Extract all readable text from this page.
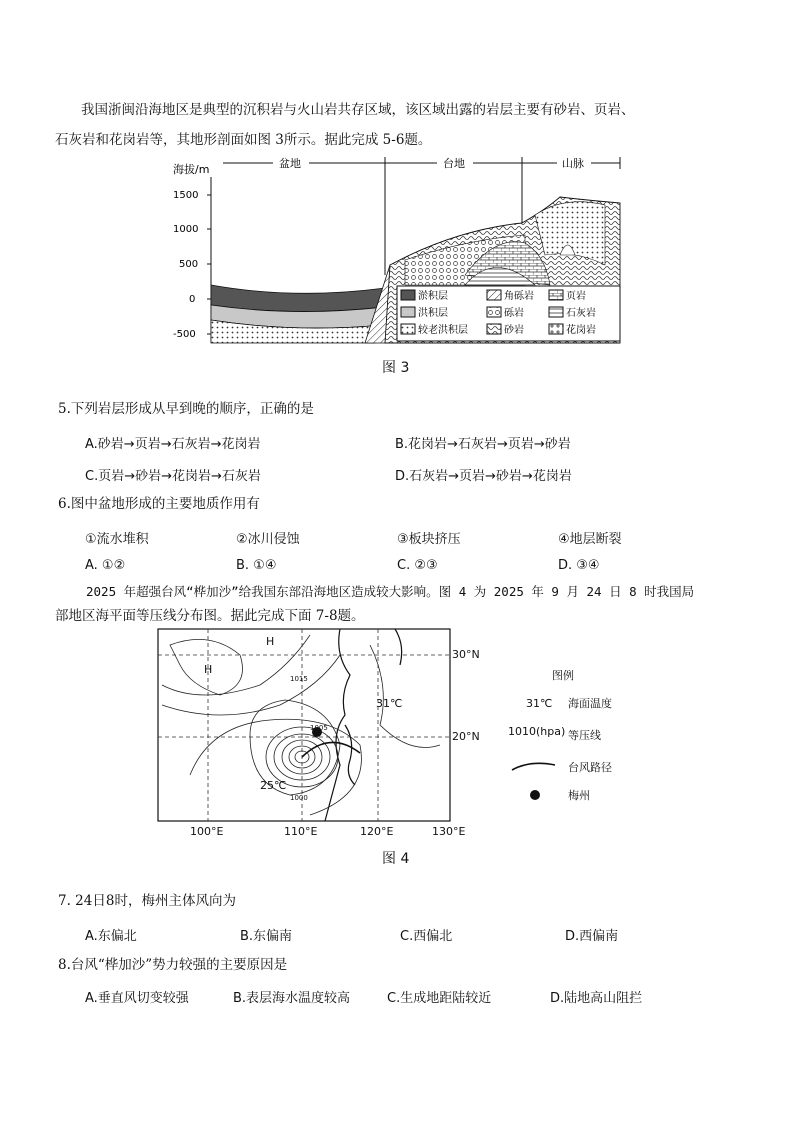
我国浙闽沿海地区是典型的沉积岩与火山岩共存区域，该区域出露的岩层主要有砂岩、页岩、
石灰岩和花岗岩等，其地形剖面如图 3所示。据此完成 5-6题。
海拔/m	盆地	台地	山脉
1500
1000
500
0
-500
淤积层	角砾岩	页岩
洪积层	砾岩	石灰岩
较老洪积层	砂岩	花岗岩
图 3
5.下列岩层形成从早到晚的顺序，正确的是
A.砂岩→页岩→石灰岩→花岗岩	B.花岗岩→石灰岩→页岩→砂岩
C.页岩→砂岩→花岗岩→石灰岩	D.石灰岩→页岩→砂岩→花岗岩
6.图中盆地形成的主要地质作用有
①流水堆积	②冰川侵蚀	③板块挤压	④地层断裂
A. ①②	B. ①④	C. ②③	D. ③④
2025 年超强台风“桦加沙”给我国东部沿海地区造成较大影响。图 4 为 2025 年 9 月 24 日 8 时我国局
部地区海平面等压线分布图。据此完成下面 7-8题。
H
H
1015
1005
1000
31℃
25℃
30°N
20°N
100°E	110°E	120°E	130°E
图例
31℃ 海面温度
1010(hpa) 等压线
台风路径
梅州
图 4
7. 24日8时，梅州主体风向为
A.东偏北	B.东偏南	C.西偏北	D.西偏南
8.台风“桦加沙”势力较强的主要原因是
A.垂直风切变较强	B.表层海水温度较高	C.生成地距陆较近	D.陆地高山阻拦
